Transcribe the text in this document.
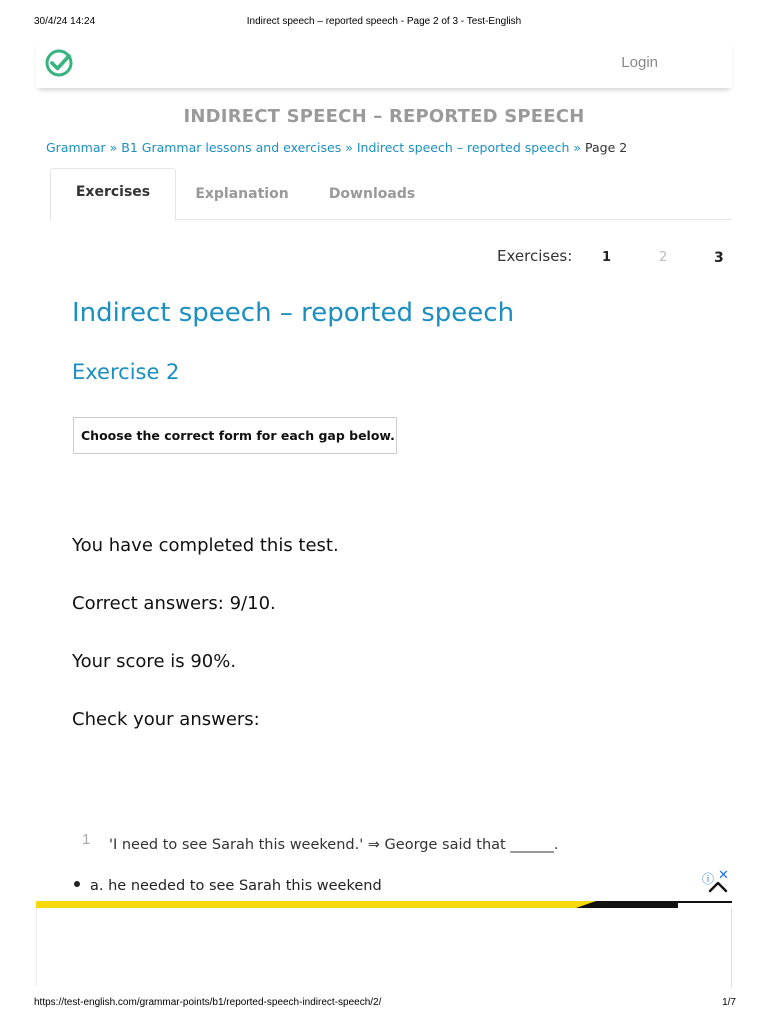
30/4/24 14:24	Indirect speech – reported speech - Page 2 of 3 - Test-English
Login
INDIRECT SPEECH – REPORTED SPEECH
Grammar » B1 Grammar lessons and exercises » Indirect speech – reported speech » Page 2
Exercises	Explanation	Downloads
Exercises: 1	2	3
Indirect speech – reported speech
Exercise 2
Choose the correct form for each gap below.
You have completed this test.
Correct answers: 9/10.
Your score is 90%.
Check your answers:
1 'I need to see Sarah this weekend.' ⇒ George said that ______.
a. he needed to see Sarah this weekend	ⓘ ✕
https://test-english.com/grammar-points/b1/reported-speech-indirect-speech/2/	1/7
